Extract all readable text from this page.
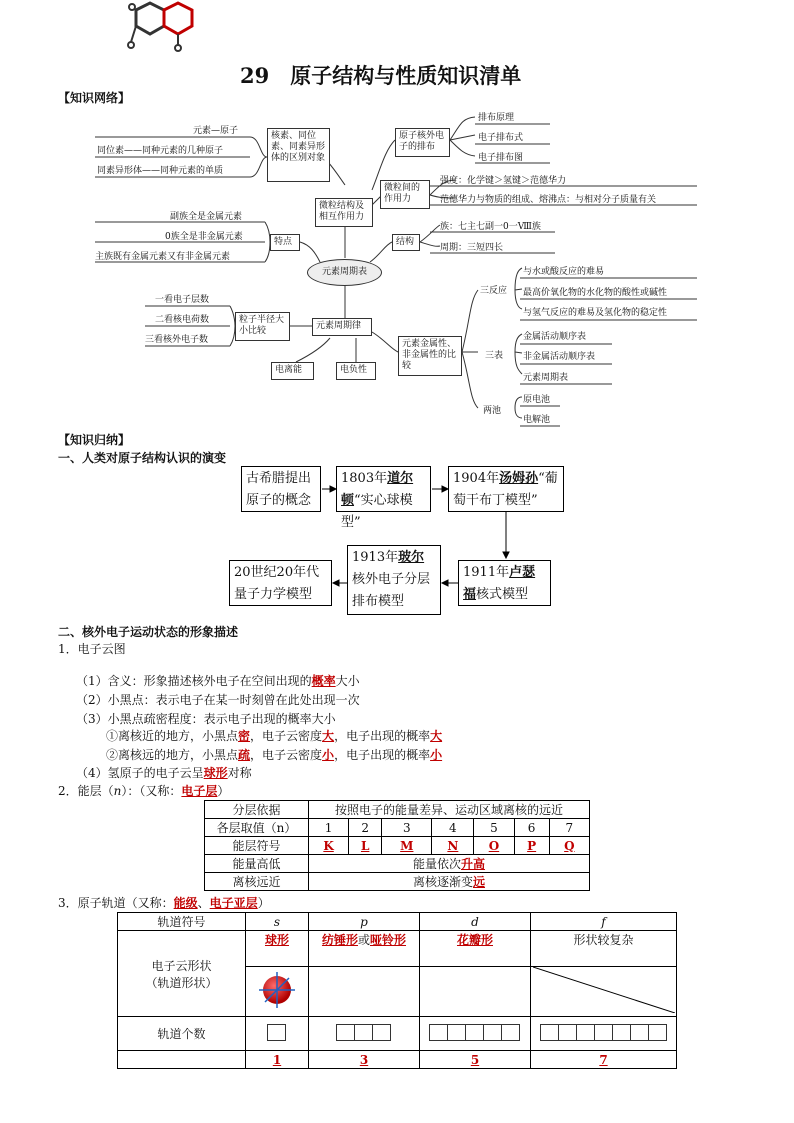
29　原子结构与性质知识清单
【知识网络】
元素—原子
同位素——同种元素的几种原子
同素异形体——同种元素的单质
核素、同位素、同素异形体的区别对象
微粒结构及相互作用力
原子核外电子的排布
排布原理
电子排布式
电子排布图
微粒间的作用力
强度：化学键＞氢键＞范德华力
范德华力与物质的组成、熔沸点：与相对分子质量有关
副族全是金属元素
0族全是非金属元素
主族既有金属元素又有非金属元素
特点	结构
族：七主七副一0一Ⅷ族
周期：三短四长
元素周期表
一看电子层数
二看核电荷数
三看核外电子数
粒子半径大小比较	元素周期律
元素金属性、非金属性的比较
电离能	电负性
三反应
与水或酸反应的难易
最高价氧化物的水化物的酸性或碱性
与氢气反应的难易及氢化物的稳定性
三表
金属活动顺序表
非金属活动顺序表
元素周期表
两池
原电池
电解池
【知识归纳】
一、人类对原子结构认识的演变
古希腊提出原子的概念
1803年道尔顿“实心球模型”
1904年汤姆孙“葡萄干布丁模型”
1911年卢瑟福核式模型
1913年玻尔核外电子分层排布模型
20世纪20年代量子力学模型
二、核外电子运动状态的形象描述
1．电子云图
（1）含义：形象描述核外电子在空间出现的概率大小
（2）小黑点：表示电子在某一时刻曾在此处出现一次
（3）小黑点疏密程度：表示电子出现的概率大小
①离核近的地方，小黑点密，电子云密度大，电子出现的概率大
②离核远的地方，小黑点疏，电子云密度小，电子出现的概率小
（4）氢原子的电子云呈球形对称
2．能层（n）：（又称：电子层）
分层依据	按照电子的能量差异、运动区域离核的远近						
各层取值（n）	1	2	3	4	5	6	7
能层符号	K	L	M	N	O	P	Q
能量高低	能量依次升高						
离核远近	离核逐渐变远						
3．原子轨道（又称：能级、电子亚层）
轨道符号	s	p	d	f
电子云形状（轨道形状）	球形	纺锤形或哑铃形	花瓣形	形状较复杂

轨道个数	

	1	3	5	7
